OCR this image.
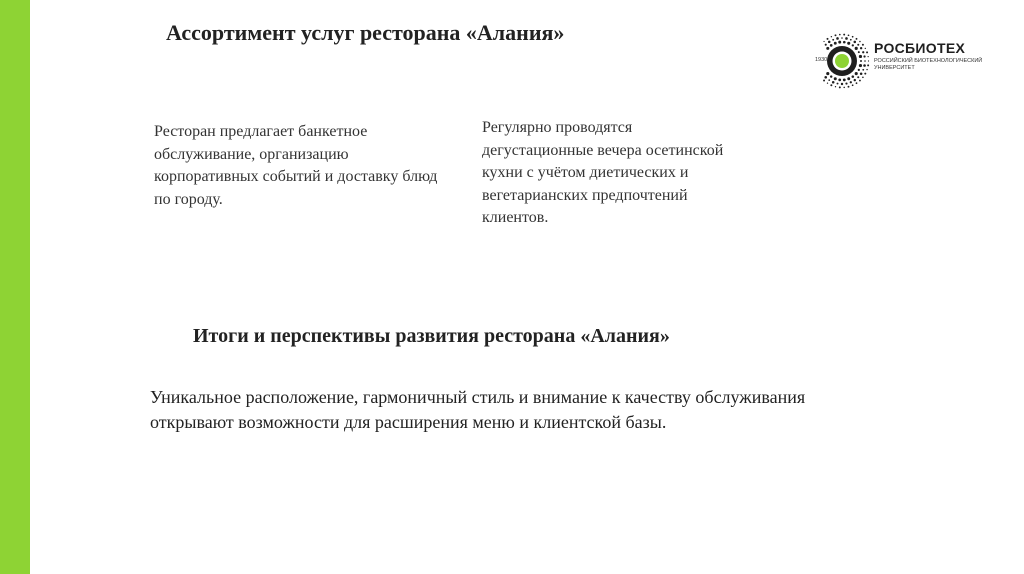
Ассортимент услуг ресторана «Алания»
1930
РОСБИОТЕХ
РОССИЙСКИЙ БИОТЕХНОЛОГИЧЕСКИЙ УНИВЕРСИТЕТ
Ресторан предлагает банкетное обслуживание, организацию корпоративных событий и доставку блюд по городу.
Регулярно проводятся дегустационные вечера осетинской кухни с учётом диетических и вегетарианских предпочтений клиентов.
Итоги и перспективы развития ресторана «Алания»
Уникальное расположение, гармоничный стиль и внимание к качеству обслуживания открывают возможности для расширения меню и клиентской базы.
